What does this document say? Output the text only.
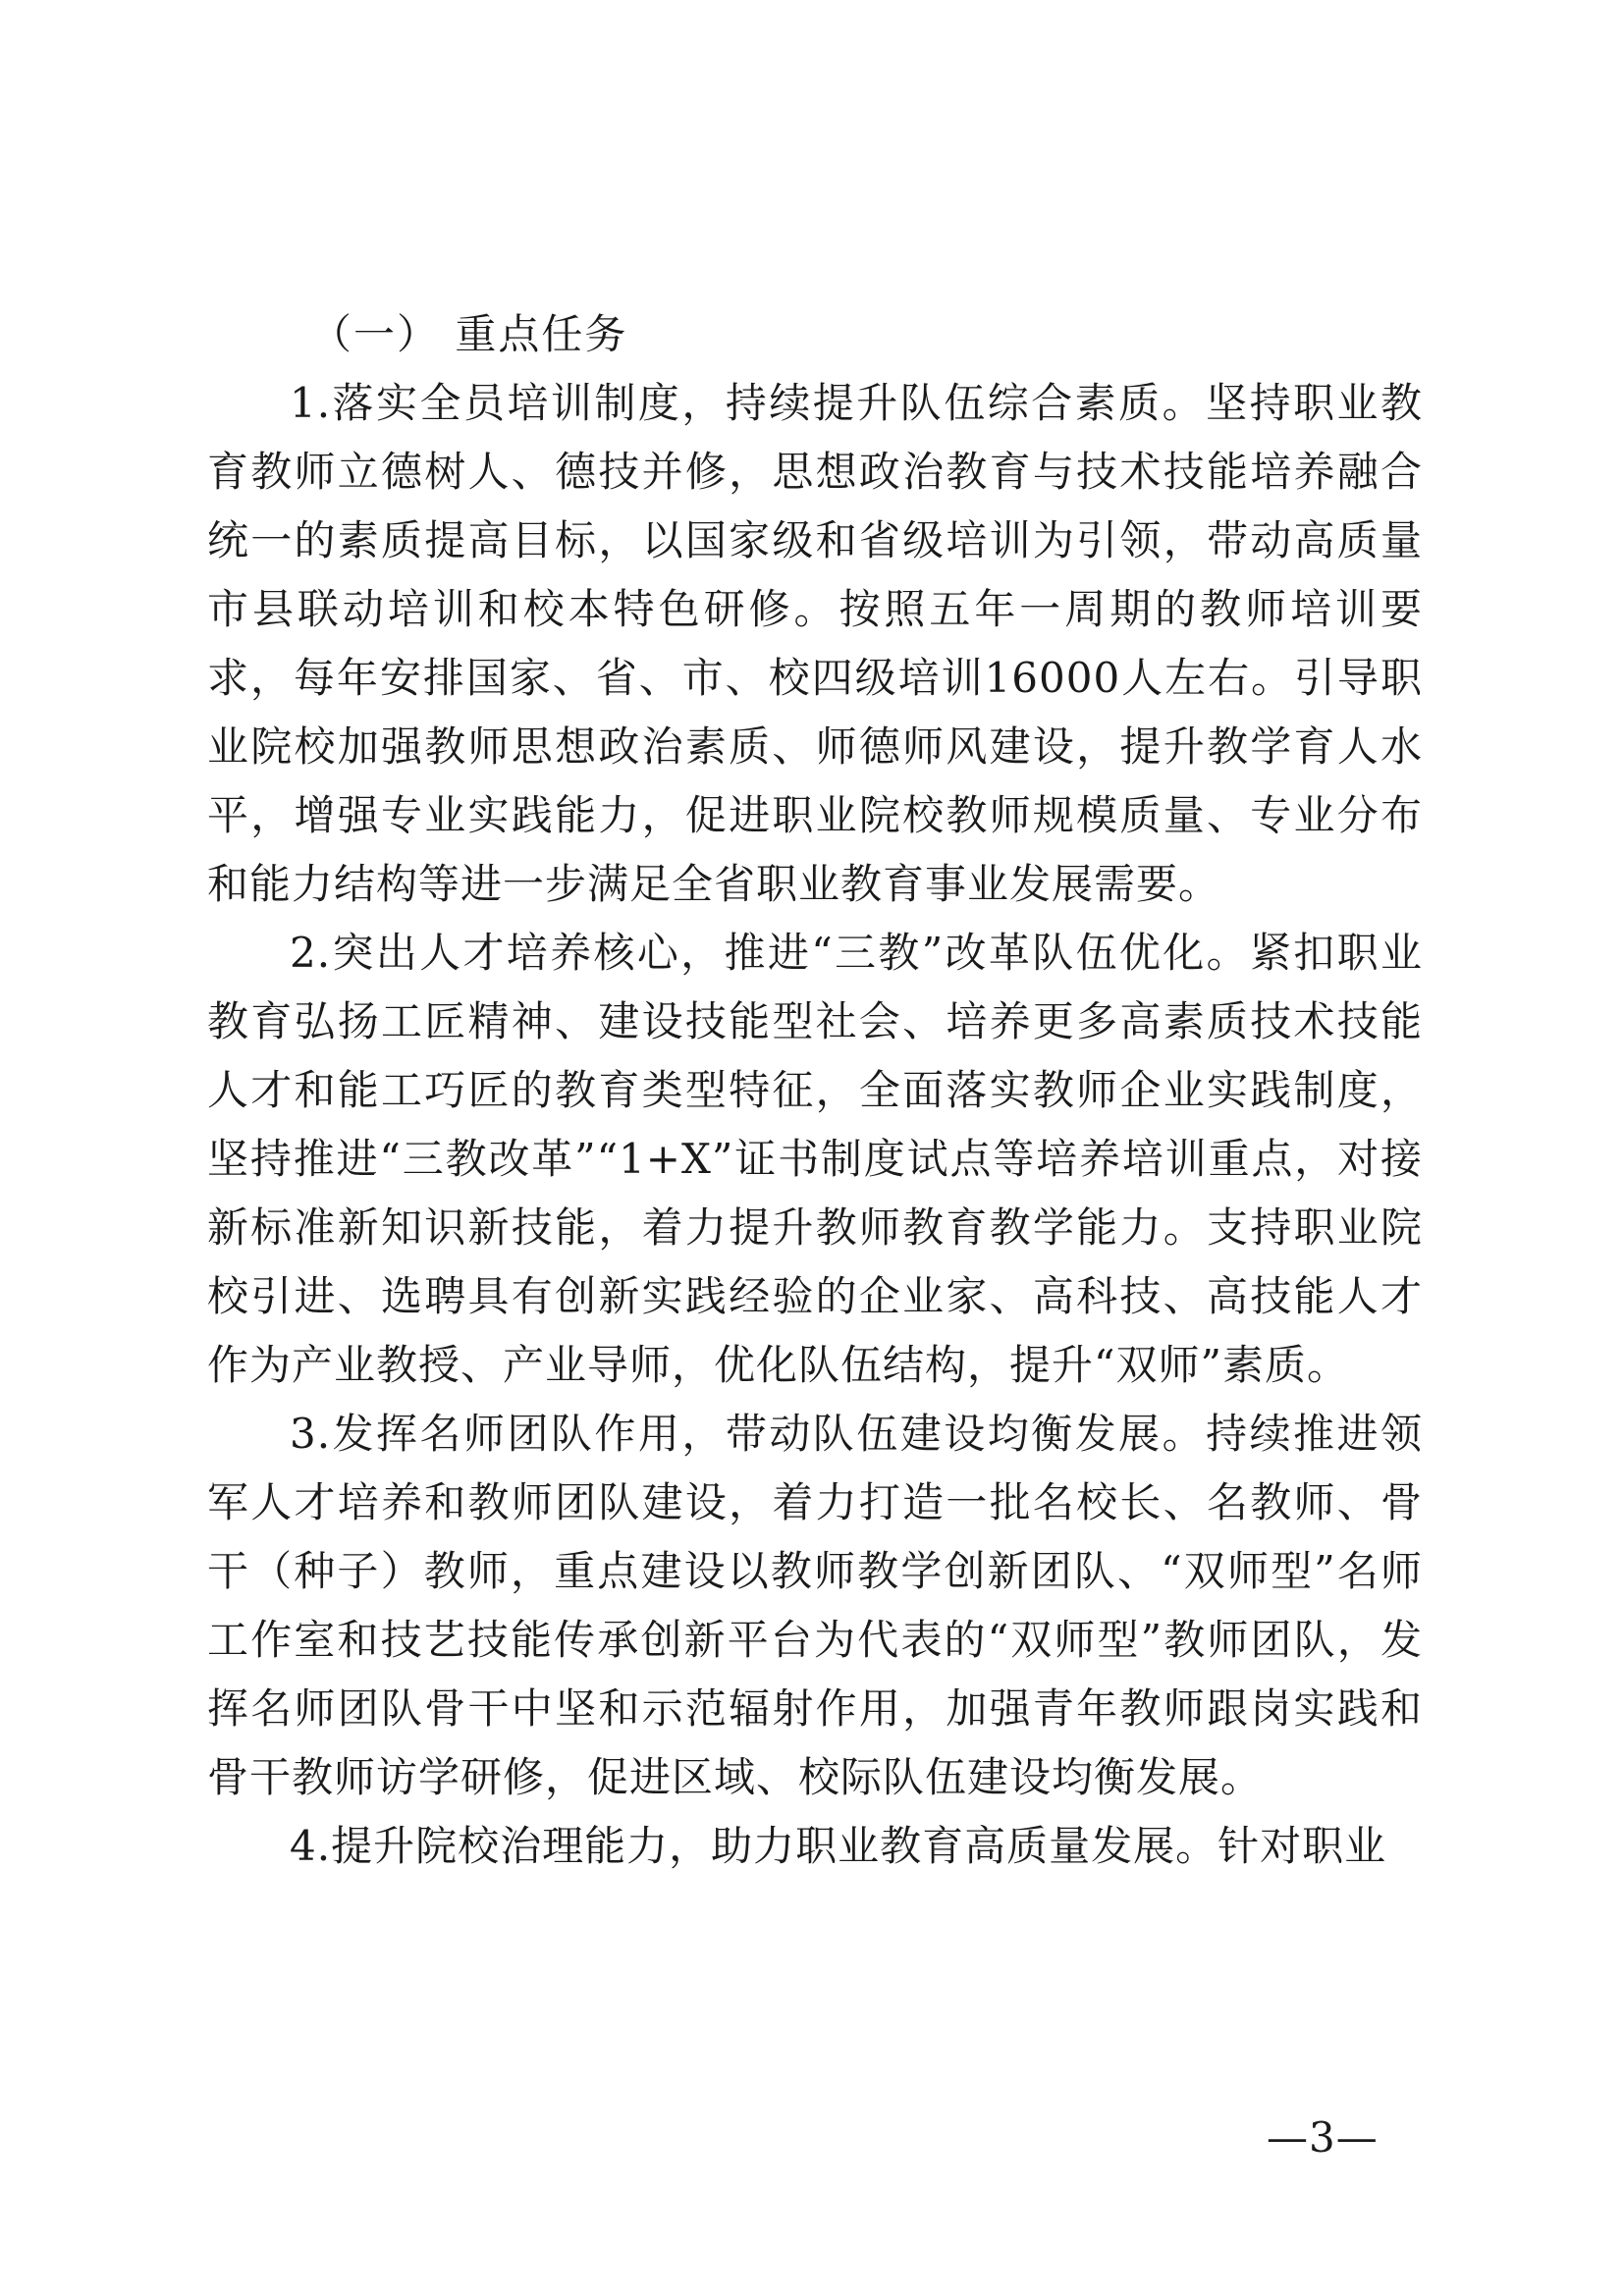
（一） 重点任务

1.落实全员培训制度，持续提升队伍综合素质。坚持职业教育教师立德树人、德技并修，思想政治教育与技术技能培养融合统一的素质提高目标，以国家级和省级培训为引领，带动高质量市县联动培训和校本特色研修。按照五年一周期的教师培训要求，每年安排国家、省、市、校四级培训16000人左右。引导职业院校加强教师思想政治素质、师德师风建设，提升教学育人水平，增强专业实践能力，促进职业院校教师规模质量、专业分布和能力结构等进一步满足全省职业教育事业发展需要。

2.突出人才培养核心，推进“三教”改革队伍优化。紧扣职业教育弘扬工匠精神、建设技能型社会、培养更多高素质技术技能人才和能工巧匠的教育类型特征，全面落实教师企业实践制度，坚持推进“三教改革”“1+X”证书制度试点等培养培训重点，对接新标准新知识新技能，着力提升教师教育教学能力。支持职业院校引进、选聘具有创新实践经验的企业家、高科技、高技能人才作为产业教授、产业导师，优化队伍结构，提升“双师”素质。

3.发挥名师团队作用，带动队伍建设均衡发展。持续推进领军人才培养和教师团队建设，着力打造一批名校长、名教师、骨干（种子）教师，重点建设以教师教学创新团队、“双师型”名师工作室和技艺技能传承创新平台为代表的“双师型”教师团队，发挥名师团队骨干中坚和示范辐射作用，加强青年教师跟岗实践和骨干教师访学研修，促进区域、校际队伍建设均衡发展。

4.提升院校治理能力，助力职业教育高质量发展。针对职业

—3—
